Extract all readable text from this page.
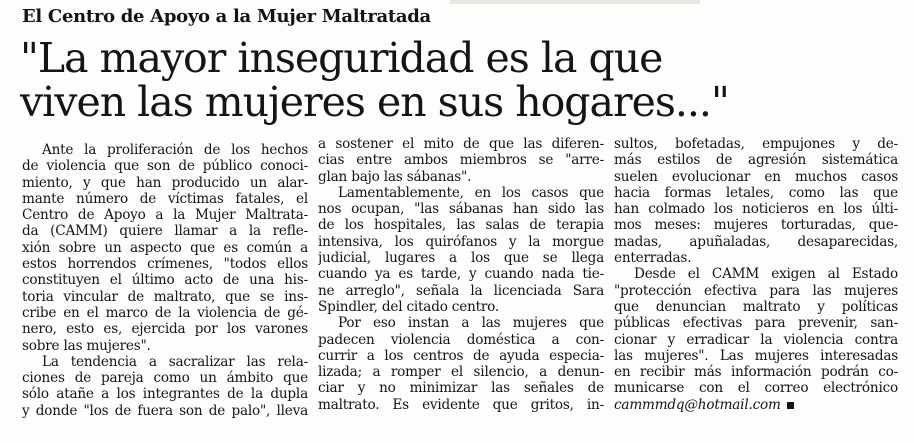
El Centro de Apoyo a la Mujer Maltratada
"La mayor inseguridad es la que
viven las mujeres en sus hogares..."
Ante la proliferación de los hechos
de violencia que son de público conoci-
miento, y que han producido un alar-
mante número de víctimas fatales, el
Centro de Apoyo a la Mujer Maltrata-
da (CAMM) quiere llamar a la refle-
xión sobre un aspecto que es común a
estos horrendos crímenes, "todos ellos
constituyen el último acto de una his-
toria vincular de maltrato, que se ins-
cribe en el marco de la violencia de gé-
nero, esto es, ejercida por los varones
sobre las mujeres".
La tendencia a sacralizar las rela-
ciones de pareja como un ámbito que
sólo atañe a los integrantes de la dupla
y donde "los de fuera son de palo", lleva
a sostener el mito de que las diferen-
cias entre ambos miembros se "arre-
glan bajo las sábanas".
Lamentablemente, en los casos que
nos ocupan, "las sábanas han sido las
de los hospitales, las salas de terapia
intensiva, los quirófanos y la morgue
judicial, lugares a los que se llega
cuando ya es tarde, y cuando nada tie-
ne arreglo", señala la licenciada Sara
Spindler, del citado centro.
Por eso instan a las mujeres que
padecen violencia doméstica a con-
currir a los centros de ayuda especia-
lizada; a romper el silencio, a denun-
ciar y no minimizar las señales de
maltrato. Es evidente que gritos, in-
sultos, bofetadas, empujones y de-
más estilos de agresión sistemática
suelen evolucionar en muchos casos
hacia formas letales, como las que
han colmado los noticieros en los últi-
mos meses: mujeres torturadas, que-
madas, apuñaladas, desaparecidas,
enterradas.
Desde el CAMM exigen al Estado
"protección efectiva para las mujeres
que denuncian maltrato y políticas
públicas efectivas para prevenir, san-
cionar y erradicar la violencia contra
las mujeres". Las mujeres interesadas
en recibir más información podrán co-
municarse con el correo electrónico
cammmdq@hotmail.com
